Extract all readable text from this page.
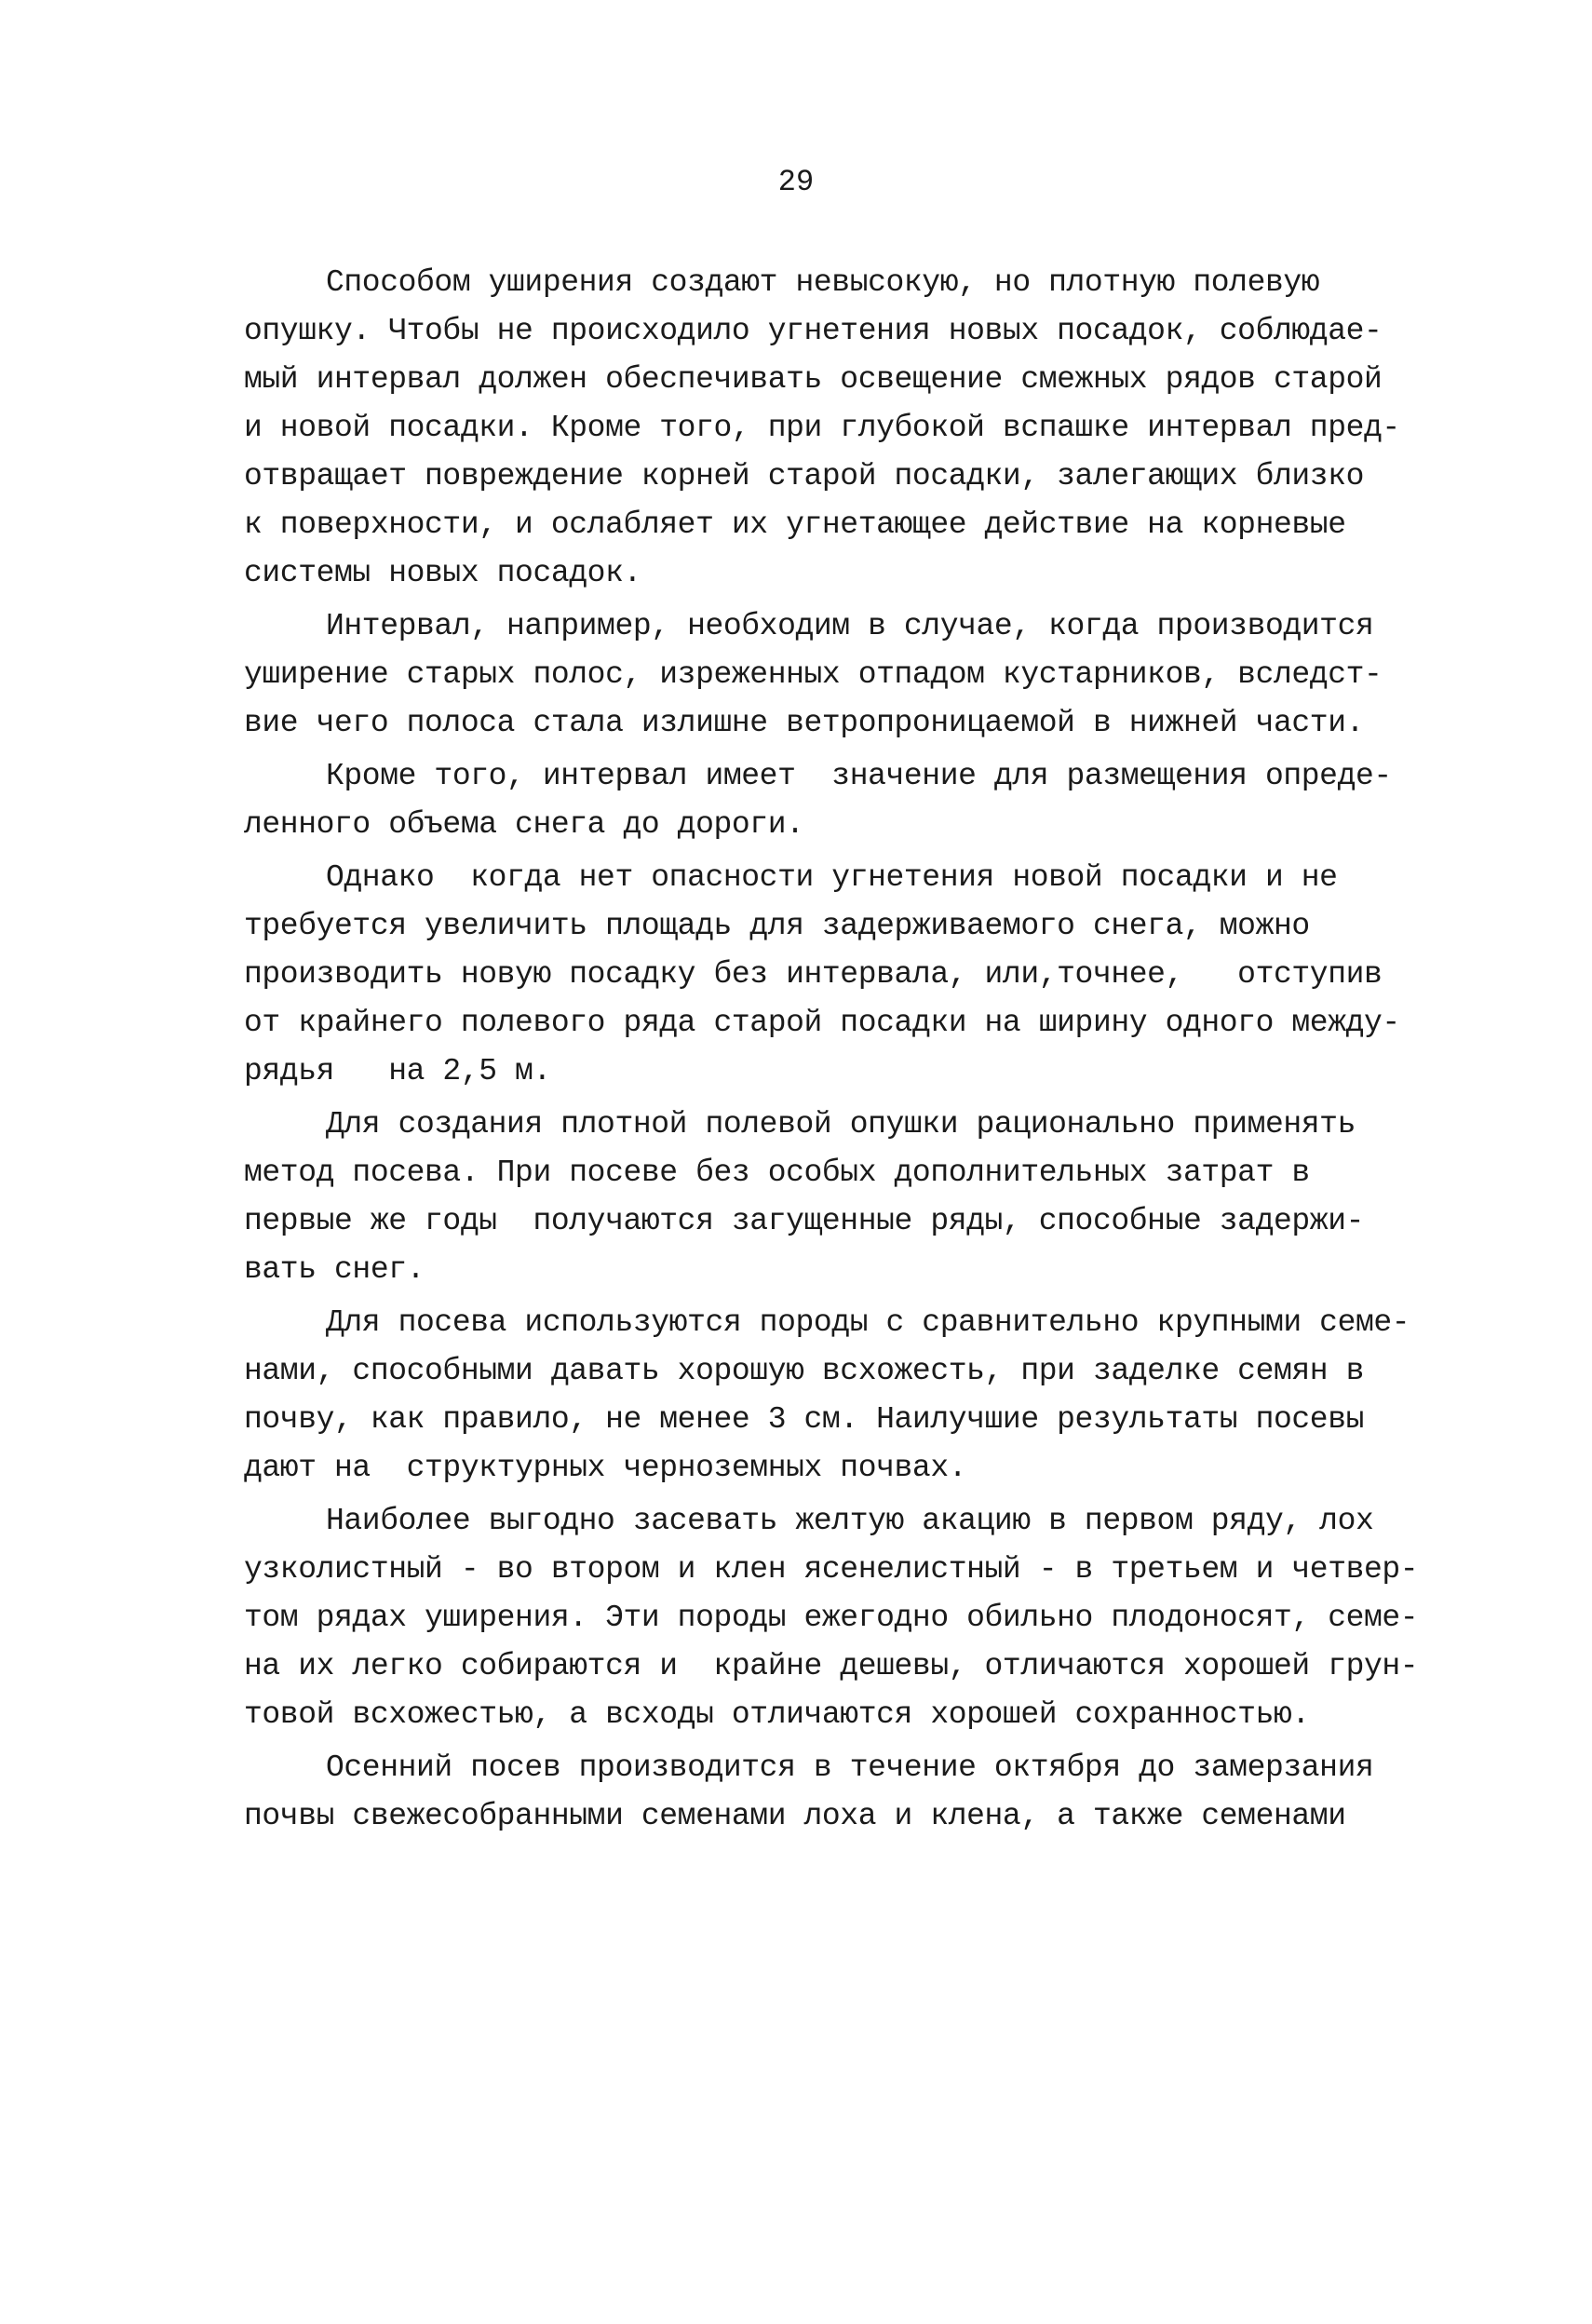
29
Способом уширения создают невысокую, но плотную полевую
опушку. Чтобы не происходило угнетения новых посадок, соблюдае-
мый интервал должен обеспечивать освещение смежных рядов старой
и новой посадки. Кроме того, при глубокой вспашке интервал пред-
отвращает повреждение корней старой посадки, залегающих близко
к поверхности, и ослабляет их угнетающее действие на корневые
системы новых посадок.
Интервал, например, необходим в случае, когда производится
уширение старых полос, изреженных отпадом кустарников, вследст-
вие чего полоса стала излишне ветропроницаемой в нижней части.
Кроме того, интервал имеет  значение для размещения опреде-
ленного объема снега до дороги.
Однако  когда нет опасности угнетения новой посадки и не
требуется увеличить площадь для задерживаемого снега, можно
производить новую посадку без интервала, или,точнее,   отступив
от крайнего полевого ряда старой посадки на ширину одного между-
рядья   на 2,5 м.
Для создания плотной полевой опушки рационально применять
метод посева. При посеве без особых дополнительных затрат в
первые же годы  получаются загущенные ряды, способные задержи-
вать снег.
Для посева используются породы с сравнительно крупными семе-
нами, способными давать хорошую всхожесть, при заделке семян в
почву, как правило, не менее 3 см. Наилучшие результаты посевы
дают на  структурных черноземных почвах.
Наиболее выгодно засевать желтую акацию в первом ряду, лох
узколистный - во втором и клен ясенелистный - в третьем и четвер-
том рядах уширения. Эти породы ежегодно обильно плодоносят, семе-
на их легко собираются и  крайне дешевы, отличаются хорошей грун-
товой всхожестью, а всходы отличаются хорошей сохранностью.
Осенний посев производится в течение октября до замерзания
почвы свежесобранными семенами лоха и клена, а также семенами
